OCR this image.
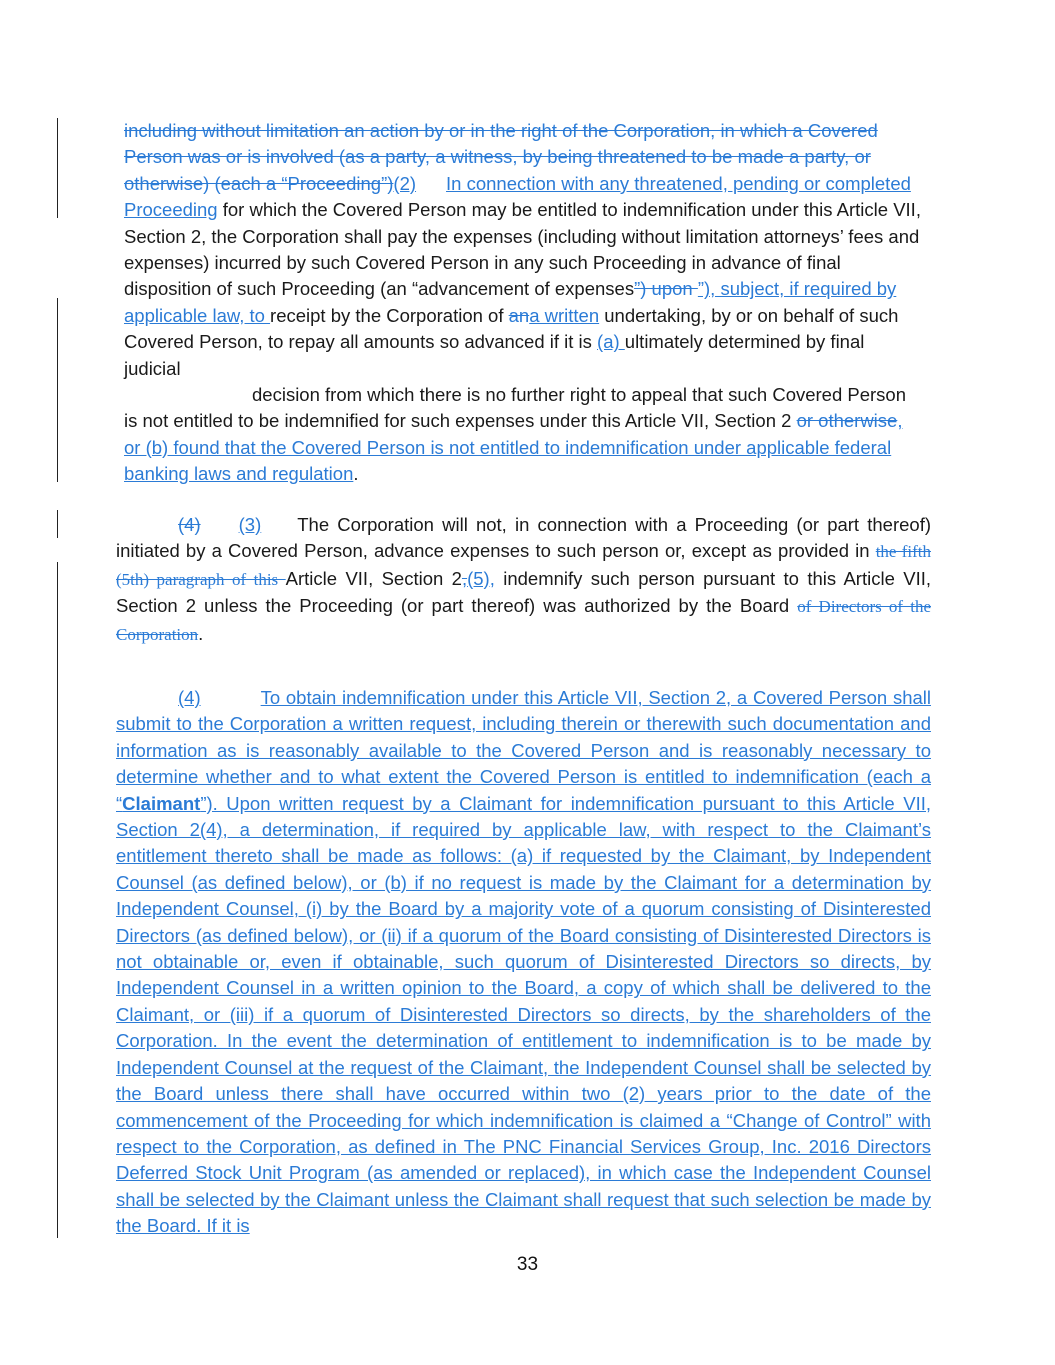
including without limitation an action by or in the right of the Corporation, in which a Covered Person was or is involved (as a party, a witness, by being threatened to be made a party, or otherwise) (each a “Proceeding”)(2) In connection with any threatened, pending or completed Proceeding for which the Covered Person may be entitled to indemnification under this Article VII, Section 2, the Corporation shall pay the expenses (including without limitation attorneys’ fees and expenses) incurred by such Covered Person in any such Proceeding in advance of final disposition of such Proceeding (an “advancement of expenses”) upon ”), subject, if required by applicable law, to receipt by the Corporation of ana written undertaking, by or on behalf of such Covered Person, to repay all amounts so advanced if it is (a) ultimately determined by final judicial
decision from which there is no further right to appeal that such Covered Person is not entitled to be indemnified for such expenses under this Article VII, Section 2 or otherwise, or (b) found that the Covered Person is not entitled to indemnification under applicable federal banking laws and regulation.
(4) (3) The Corporation will not, in connection with a Proceeding (or part thereof) initiated by a Covered Person, advance expenses to such person or, except as provided in the fifth (5th) paragraph of this Article VII, Section 2,(5), indemnify such person pursuant to this Article VII, Section 2 unless the Proceeding (or part thereof) was authorized by the Board of Directors of the Corporation.
(4)	To obtain indemnification under this Article VII, Section 2, a Covered Person shall submit to the Corporation a written request, including therein or therewith such documentation and information as is reasonably available to the Covered Person and is reasonably necessary to determine whether and to what extent the Covered Person is entitled to indemnification (each a “Claimant”). Upon written request by a Claimant for indemnification pursuant to this Article VII, Section 2(4), a determination, if required by applicable law, with respect to the Claimant’s entitlement thereto shall be made as follows: (a) if requested by the Claimant, by Independent Counsel (as defined below), or (b) if no request is made by the Claimant for a determination by Independent Counsel, (i) by the Board by a majority vote of a quorum consisting of Disinterested Directors (as defined below), or (ii) if a quorum of the Board consisting of Disinterested Directors is not obtainable or, even if obtainable, such quorum of Disinterested Directors so directs, by Independent Counsel in a written opinion to the Board, a copy of which shall be delivered to the Claimant, or (iii) if a quorum of Disinterested Directors so directs, by the shareholders of the Corporation. In the event the determination of entitlement to indemnification is to be made by Independent Counsel at the request of the Claimant, the Independent Counsel shall be selected by the Board unless there shall have occurred within two (2) years prior to the date of the commencement of the Proceeding for which indemnification is claimed a “Change of Control” with respect to the Corporation, as defined in The PNC Financial Services Group, Inc. 2016 Directors Deferred Stock Unit Program (as amended or replaced), in which case the Independent Counsel shall be selected by the Claimant unless the Claimant shall request that such selection be made by the Board. If it is
33
